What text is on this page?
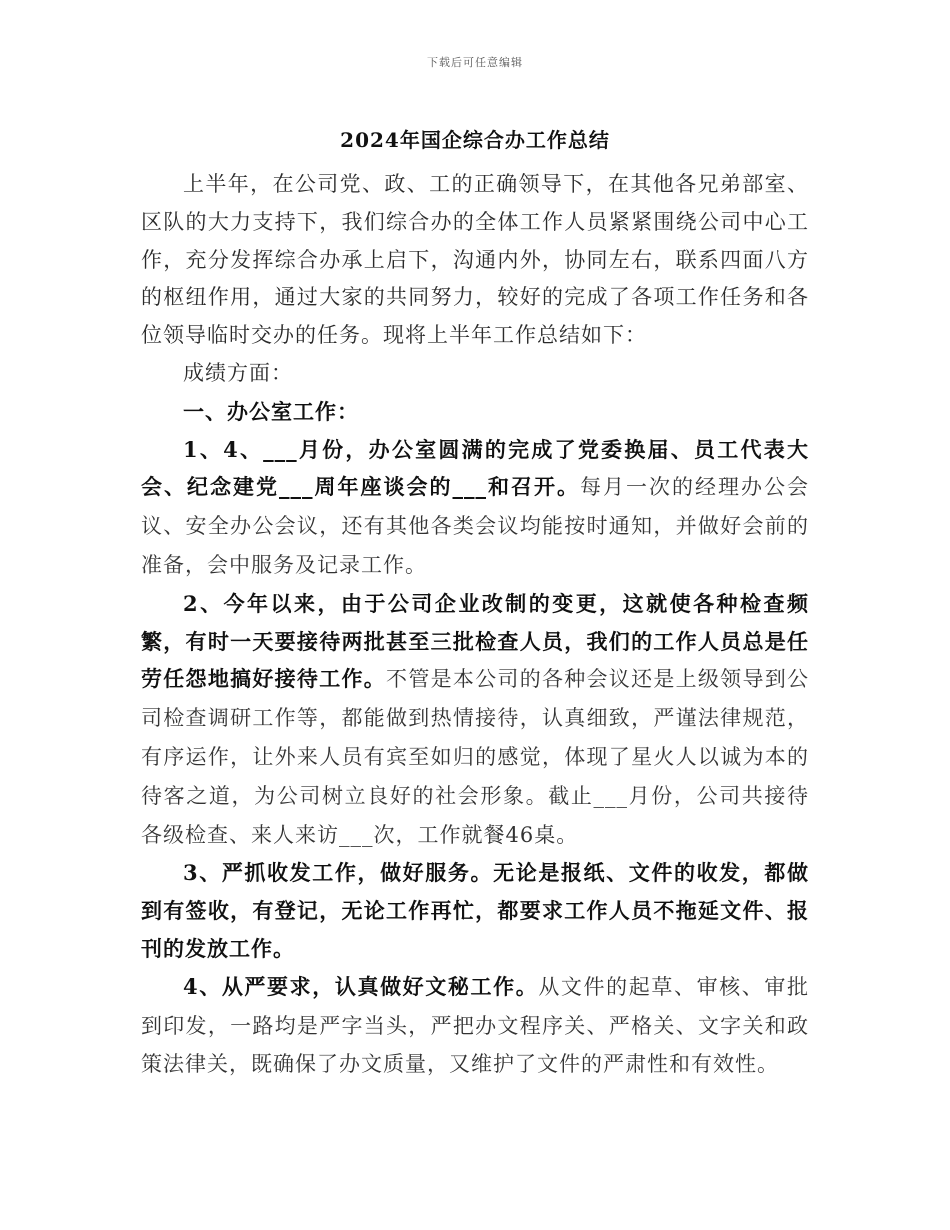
下载后可任意编辑
2024年国企综合办工作总结

上半年，在公司党、政、工的正确领导下，在其他各兄弟部室、区队的大力支持下，我们综合办的全体工作人员紧紧围绕公司中心工作，充分发挥综合办承上启下，沟通内外，协同左右，联系四面八方的枢纽作用，通过大家的共同努力，较好的完成了各项工作任务和各位领导临时交办的任务。现将上半年工作总结如下：

成绩方面：

一、办公室工作：

1、4、___月份，办公室圆满的完成了党委换届、员工代表大会、纪念建党___周年座谈会的___和召开。每月一次的经理办公会议、安全办公会议，还有其他各类会议均能按时通知，并做好会前的准备，会中服务及记录工作。

2、今年以来，由于公司企业改制的变更，这就使各种检查频繁，有时一天要接待两批甚至三批检查人员，我们的工作人员总是任劳任怨地搞好接待工作。不管是本公司的各种会议还是上级领导到公司检查调研工作等，都能做到热情接待，认真细致，严谨法律规范，有序运作，让外来人员有宾至如归的感觉，体现了星火人以诚为本的待客之道，为公司树立良好的社会形象。截止___月份，公司共接待各级检查、来人来访___次，工作就餐46桌。

3、严抓收发工作，做好服务。无论是报纸、文件的收发，都做到有签收，有登记，无论工作再忙，都要求工作人员不拖延文件、报刊的发放工作。

4、从严要求，认真做好文秘工作。从文件的起草、审核、审批到印发，一路均是严字当头，严把办文程序关、严格关、文字关和政策法律关，既确保了办文质量，又维护了文件的严肃性和有效性。
